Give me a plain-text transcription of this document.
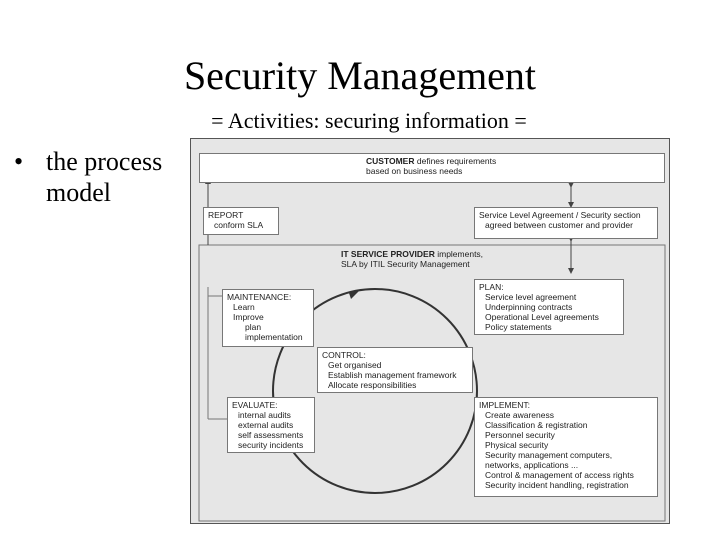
Security Management
= Activities: securing information =
• the process model
CUSTOMER defines requirements
based on business needs
REPORT
conform SLA
Service Level Agreement / Security section
agreed between customer and provider
IT SERVICE PROVIDER implements,
SLA by ITIL Security Management
MAINTENANCE:
Learn
Improve
plan
implementation
PLAN:
Service level agreement
Underpinning contracts
Operational Level agreements
Policy statements
CONTROL:
Get organised
Establish management framework
Allocate responsibilities
EVALUATE:
internal audits
external audits
self assessments
security incidents
IMPLEMENT:
Create awareness
Classification & registration
Personnel security
Physical security
Security management computers,
networks, applications ...
Control & management of access rights
Security incident handling, registration
